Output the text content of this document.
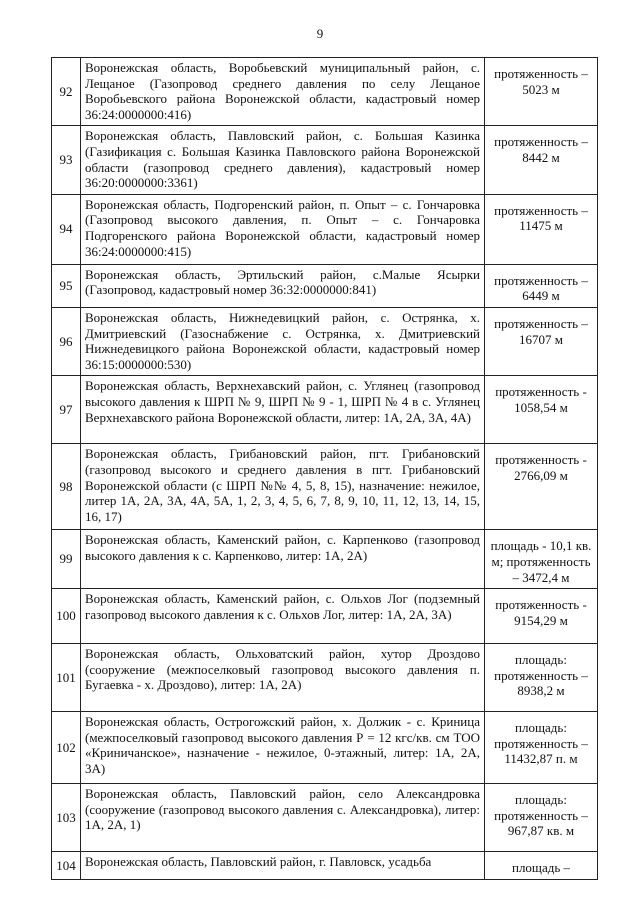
9
92	Воронежская область, Воробьевский муниципальный район, с. Лещаное (Газопровод среднего давления по селу Лещаное Воробьевского района Воронежской области, кадастровый номер 36:24:0000000:416)	протяженность – 5023 м
93	Воронежская область, Павловский район, с. Большая Казинка (Газификация с. Большая Казинка Павловского района Воронежской области (газопровод среднего давления), кадастровый номер 36:20:0000000:3361)	протяженность – 8442 м
94	Воронежская область, Подгоренский район, п. Опыт – с. Гончаровка (Газопровод высокого давления, п. Опыт – с. Гончаровка Подгоренского района Воронежской области, кадастровый номер 36:24:0000000:415)	протяженность – 11475 м
95	Воронежская область, Эртильский район, с.Малые Ясырки (Газопровод, кадастровый номер 36:32:0000000:841)	протяженность – 6449 м
96	Воронежская область, Нижнедевицкий район, с. Острянка, х. Дмитриевский (Газоснабжение с. Острянка, х. Дмитриевский Нижнедевицкого района Воронежской области, кадастровый номер 36:15:0000000:530)	протяженность – 16707 м
97	Воронежская область, Верхнехавский район, с. Углянец (газопровод высокого давления к ШРП № 9, ШРП № 9 - 1, ШРП № 4 в с. Углянец Верхнехавского района Воронежской области, литер: 1А, 2А, 3А, 4А)	протяженность - 1058,54 м
98	Воронежская область, Грибановский район, пгт. Грибановский (газопровод высокого и среднего давления в пгт. Грибановский Воронежской области (с ШРП №№ 4, 5, 8, 15), назначение: нежилое, литер 1А, 2А, 3А, 4А, 5А, 1, 2, 3, 4, 5, 6, 7, 8, 9, 10, 11, 12, 13, 14, 15, 16, 17)	протяженность - 2766,09 м
99	Воронежская область, Каменский район, с. Карпенково (газопровод высокого давления к с. Карпенково, литер: 1А, 2А)	площадь - 10,1 кв. м; протяженность – 3472,4 м
100	Воронежская область, Каменский район, с. Ольхов Лог (подземный газопровод высокого давления к с. Ольхов Лог, литер: 1А, 2А, 3А)	протяженность - 9154,29 м
101	Воронежская область, Ольховатский район, хутор Дроздово (сооружение (межпоселковый газопровод высокого давления п. Бугаевка - х. Дроздово), литер: 1А, 2А)	площадь: протяженность – 8938,2 м
102	Воронежская область, Острогожский район, х. Должик - с. Криница (межпоселковый газопровод высокого давления Р = 12 кгс/кв. см ТОО «Криничанское», назначение - нежилое, 0-этажный, литер: 1А, 2А, 3А)	площадь: протяженность – 11432,87 п. м
103	Воронежская область, Павловский район, село Александровка (сооружение (газопровод высокого давления с. Александровка), литер: 1А, 2А, 1)	площадь: протяженность – 967,87 кв. м
104	Воронежская область, Павловский район, г. Павловск, усадьба	площадь –
